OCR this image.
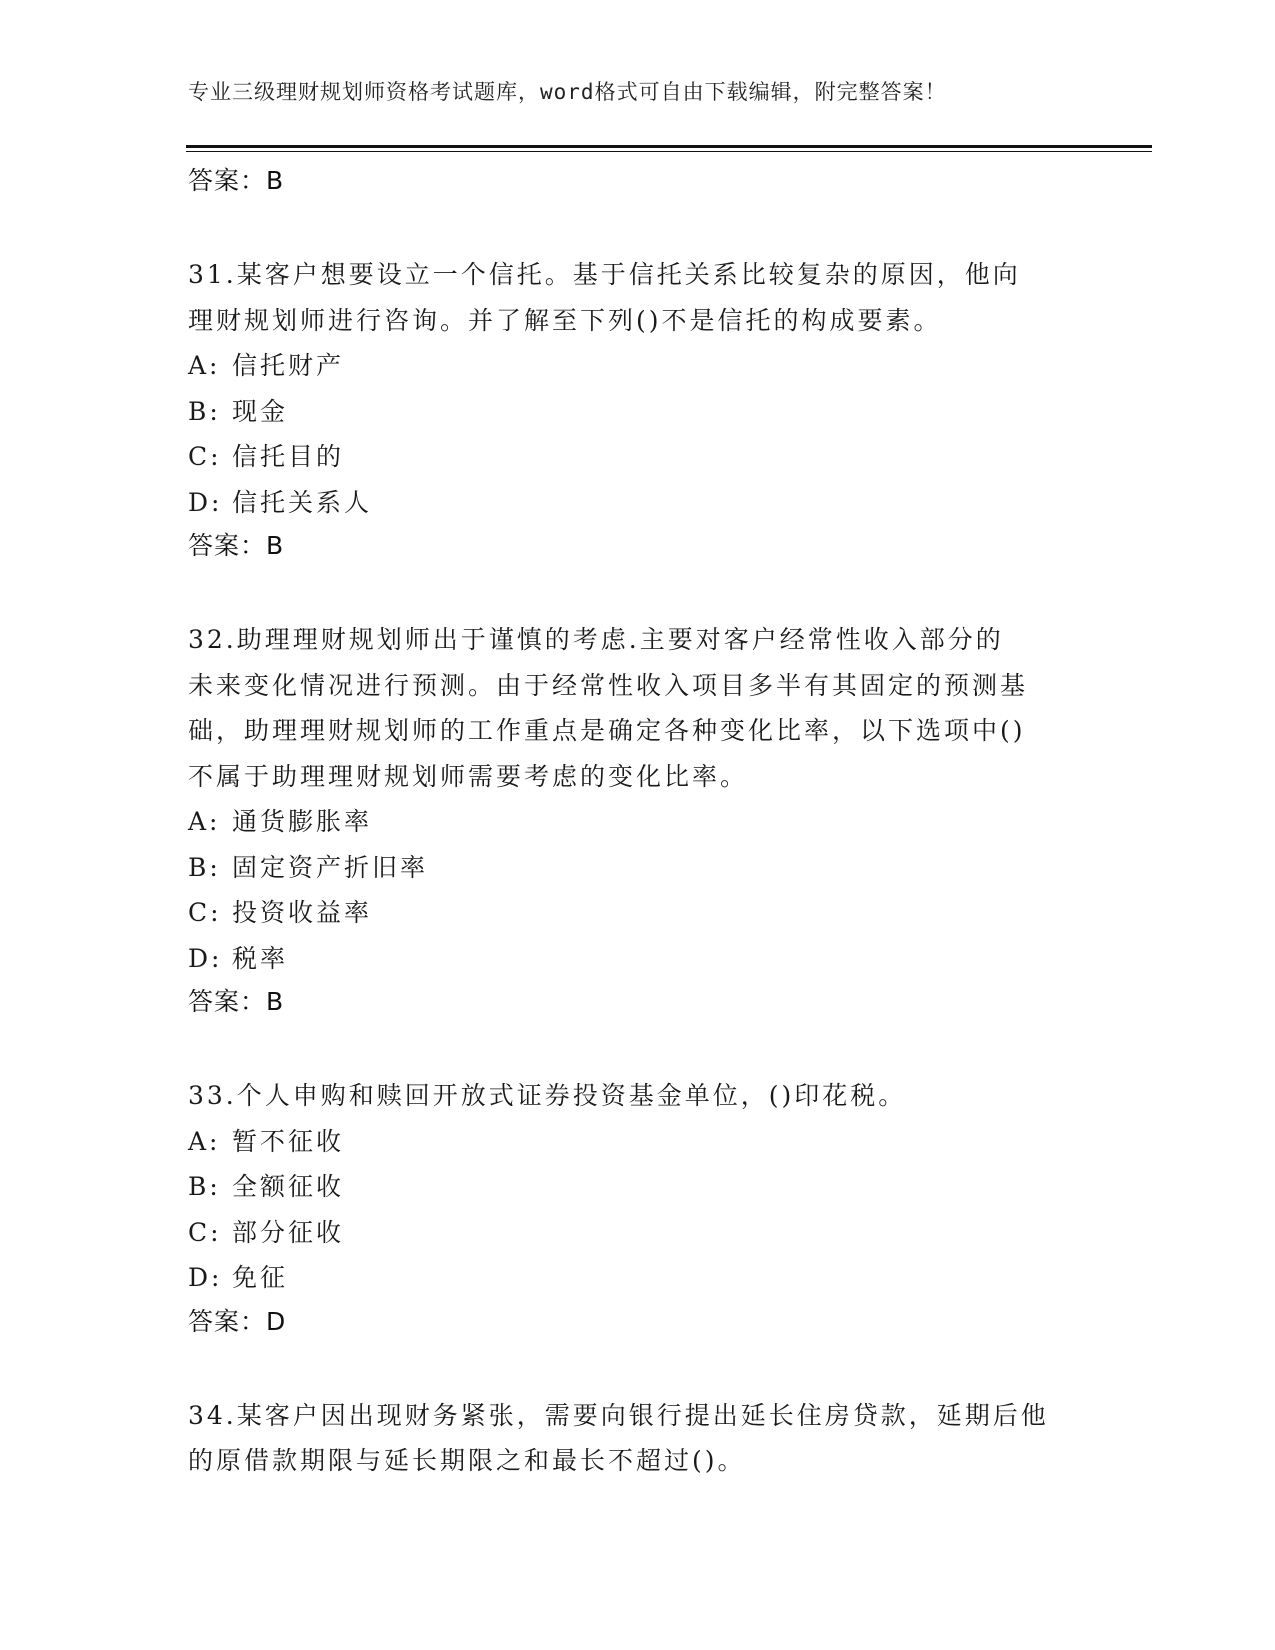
专业三级理财规划师资格考试题库，word格式可自由下载编辑，附完整答案！
答案：B
31.某客户想要设立一个信托。基于信托关系比较复杂的原因，他向理财规划师进行咨询。并了解至下列()不是信托的构成要素。
A: 信托财产
B: 现金
C: 信托目的
D: 信托关系人
答案：B
32.助理理财规划师出于谨慎的考虑.主要对客户经常性收入部分的未来变化情况进行预测。由于经常性收入项目多半有其固定的预测基础，助理理财规划师的工作重点是确定各种变化比率，以下选项中()不属于助理理财规划师需要考虑的变化比率。
A: 通货膨胀率
B: 固定资产折旧率
C: 投资收益率
D: 税率
答案：B
33.个人申购和赎回开放式证券投资基金单位，()印花税。
A: 暂不征收
B: 全额征收
C: 部分征收
D: 免征
答案：D
34.某客户因出现财务紧张，需要向银行提出延长住房贷款，延期后他的原借款期限与延长期限之和最长不超过()。
